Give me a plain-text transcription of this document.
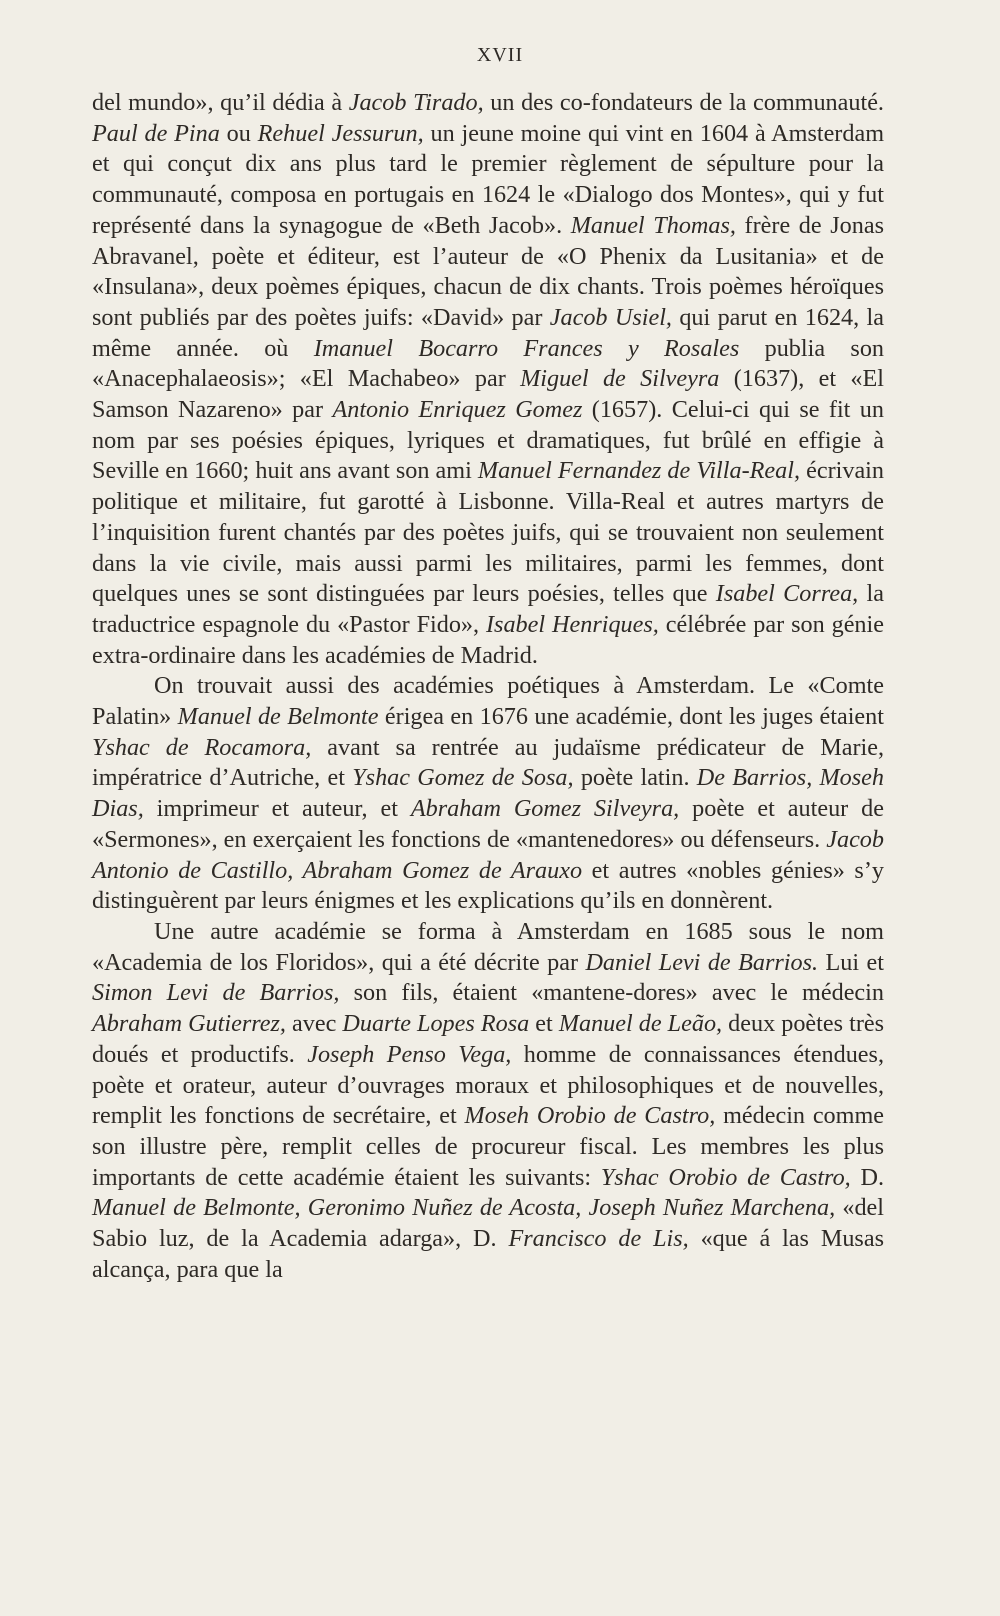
XVII

del mundo», qu’il dédia à Jacob Tirado, un des co-fondateurs de la communauté. Paul de Pina ou Rehuel Jessurun, un jeune moine qui vint en 1604 à Amsterdam et qui conçut dix ans plus tard le premier règlement de sépulture pour la communauté, composa en portugais en 1624 le «Dialogo dos Montes», qui y fut représenté dans la synagogue de «Beth Jacob». Manuel Thomas, frère de Jonas Abravanel, poète et éditeur, est l’auteur de «O Phenix da Lusitania» et de «Insulana», deux poèmes épiques, chacun de dix chants. Trois poèmes héroïques sont publiés par des poètes juifs: «David» par Jacob Usiel, qui parut en 1624, la même année. où Imanuel Bocarro Frances y Rosales publia son «Anacephalaeosis»; «El Machabeo» par Miguel de Silveyra (1637), et «El Samson Nazareno» par Antonio Enriquez Gomez (1657). Celui-ci qui se fit un nom par ses poésies épiques, lyriques et dramatiques, fut brûlé en effigie à Seville en 1660; huit ans avant son ami Manuel Fernandez de Villa-Real, écrivain politique et militaire, fut garotté à Lisbonne. Villa-Real et autres martyrs de l’inquisition furent chantés par des poètes juifs, qui se trouvaient non seulement dans la vie civile, mais aussi parmi les militaires, parmi les femmes, dont quelques unes se sont distinguées par leurs poésies, telles que Isabel Correa, la traductrice espagnole du «Pastor Fido», Isabel Henriques, célébrée par son génie extra-ordinaire dans les académies de Madrid.

On trouvait aussi des académies poétiques à Amsterdam. Le «Comte Palatin» Manuel de Belmonte érigea en 1676 une académie, dont les juges étaient Yshac de Rocamora, avant sa rentrée au judaïsme prédicateur de Marie, impératrice d’Autriche, et Yshac Gomez de Sosa, poète latin. De Barrios, Moseh Dias, imprimeur et auteur, et Abraham Gomez Silveyra, poète et auteur de «Sermones», en exerçaient les fonctions de «mantenedores» ou défenseurs. Jacob Antonio de Castillo, Abraham Gomez de Arauxo et autres «nobles génies» s’y distinguèrent par leurs énigmes et les explications qu’ils en donnèrent.

Une autre académie se forma à Amsterdam en 1685 sous le nom «Academia de los Floridos», qui a été décrite par Daniel Levi de Barrios. Lui et Simon Levi de Barrios, son fils, étaient «mantene-dores» avec le médecin Abraham Gutierrez, avec Duarte Lopes Rosa et Manuel de Leão, deux poètes très doués et productifs. Joseph Penso Vega, homme de connaissances étendues, poète et orateur, auteur d’ouvrages moraux et philosophiques et de nouvelles, remplit les fonctions de secrétaire, et Moseh Orobio de Castro, médecin comme son illustre père, remplit celles de procureur fiscal. Les membres les plus importants de cette académie étaient les suivants: Yshac Orobio de Castro, D. Manuel de Belmonte, Geronimo Nuñez de Acosta, Joseph Nuñez Marchena, «del Sabio luz, de la Academia adarga», D. Francisco de Lis, «que á las Musas alcança, para que la
